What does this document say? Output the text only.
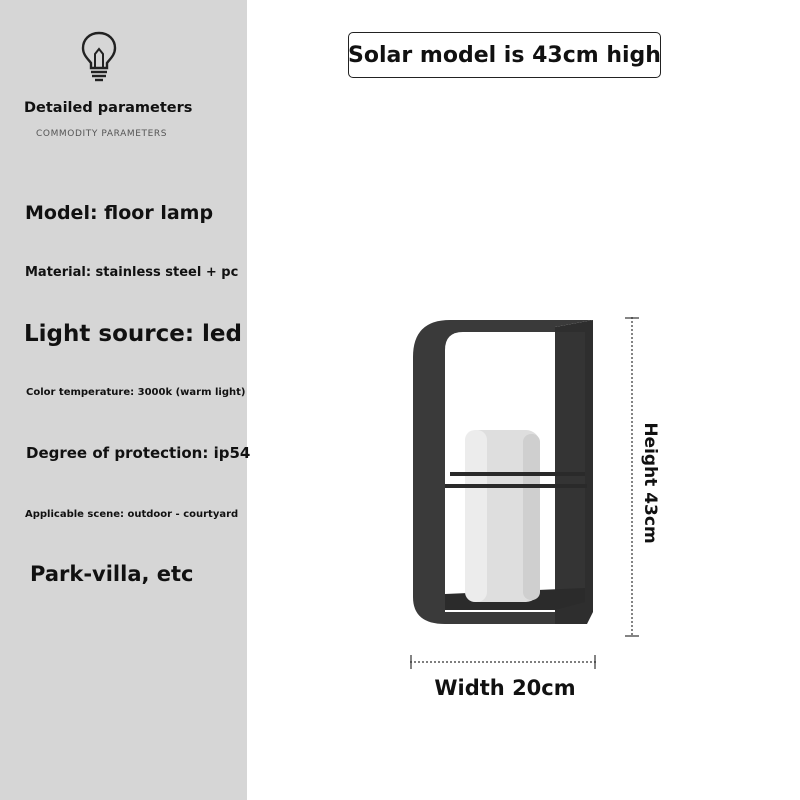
Detailed parameters
COMMODITY PARAMETERS
Model: floor lamp
Material: stainless steel + pc
Light source: led
Color temperature: 3000k (warm light)
Degree of protection: ip54
Applicable scene: outdoor - courtyard
Park-villa, etc
Solar model is 43cm high
Height 43cm
Width 20cm
